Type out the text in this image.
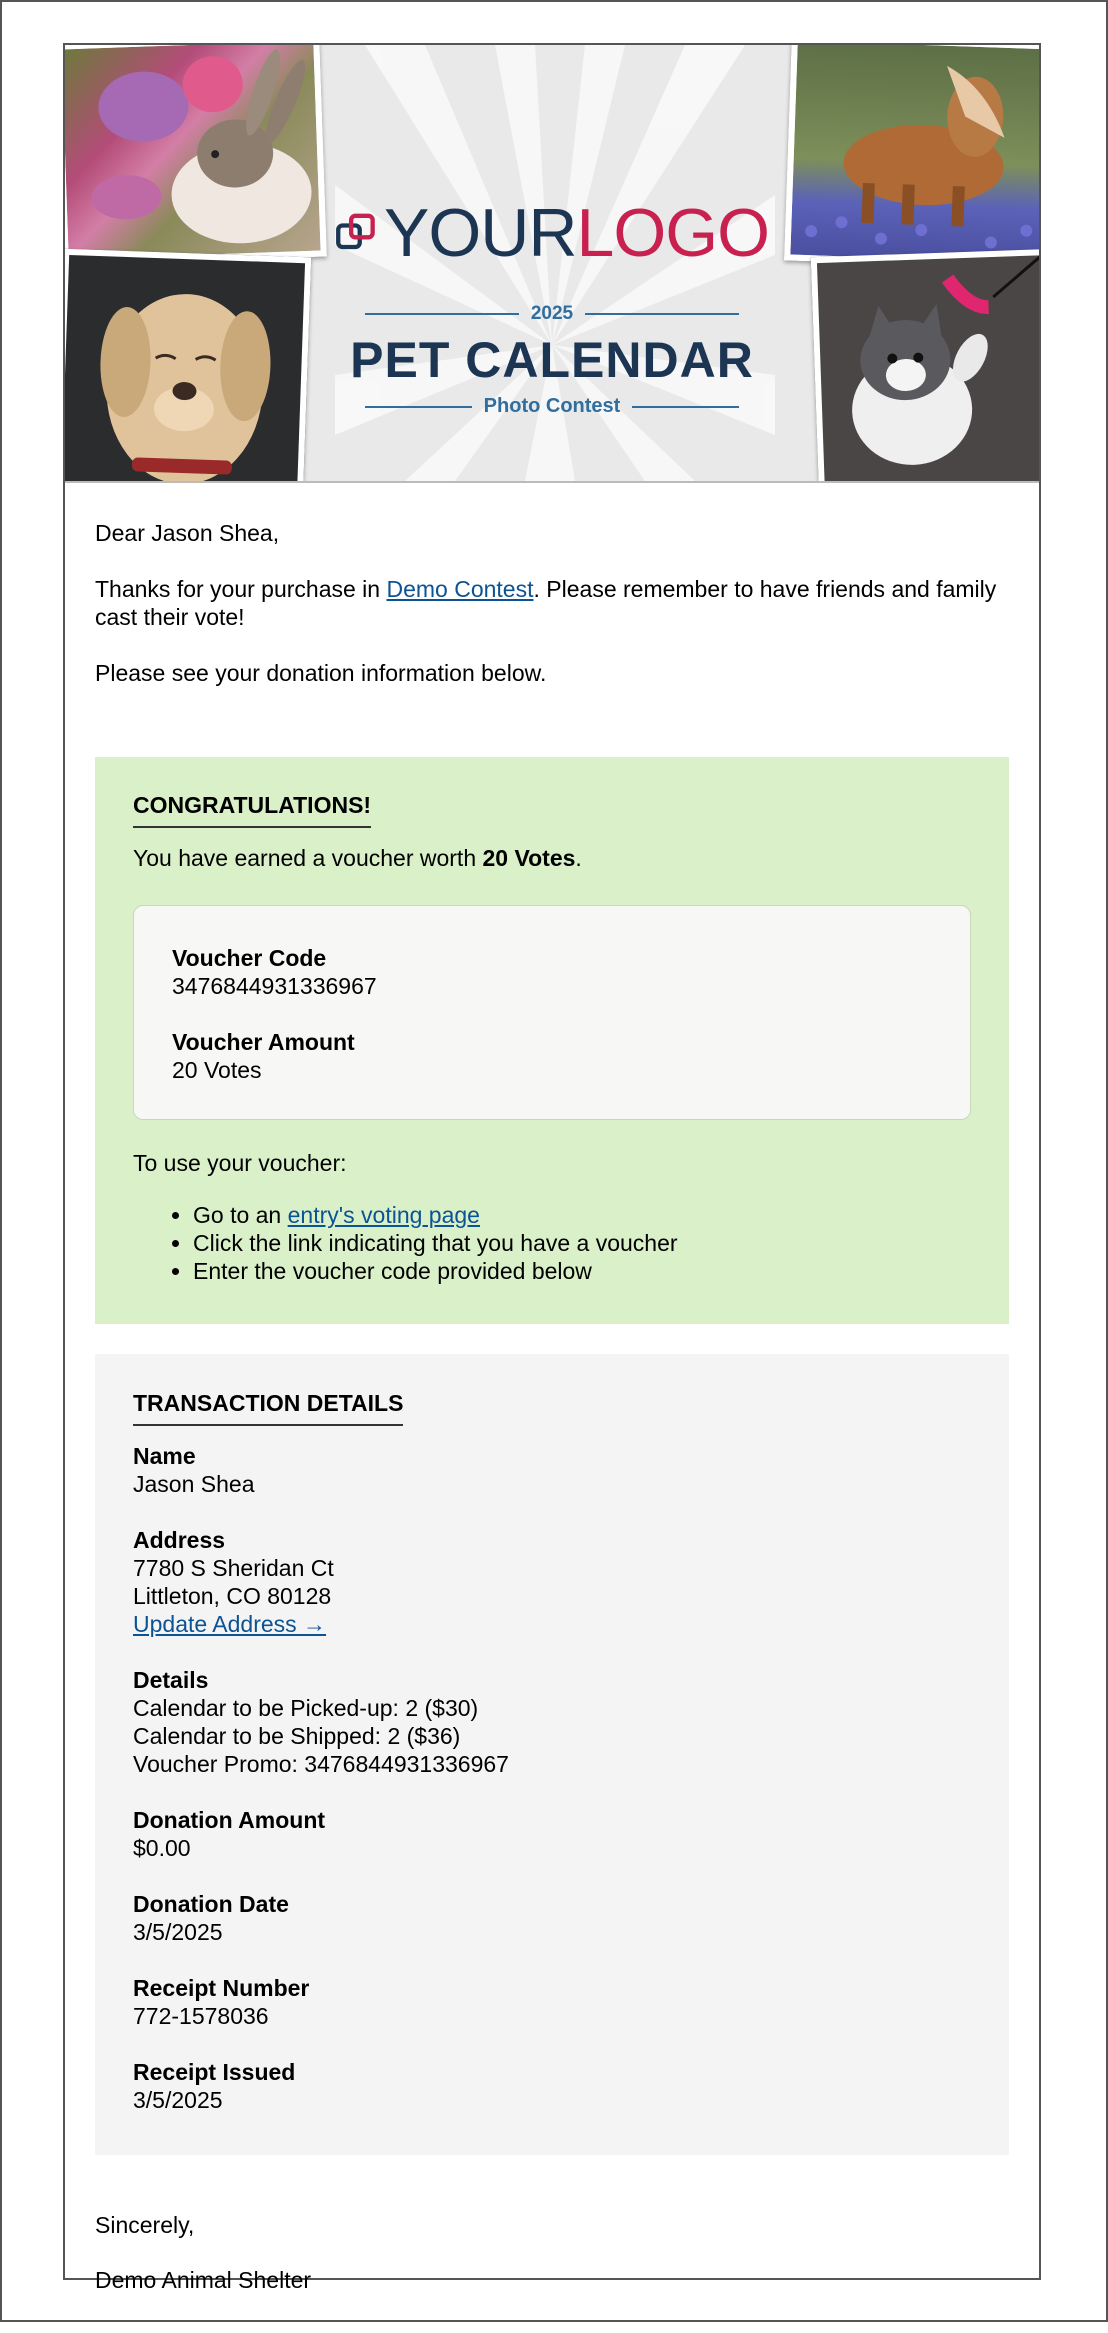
YOURLOGO
2025
PET CALENDAR
Photo Contest

Dear Jason Shea,

Thanks for your purchase in Demo Contest. Please remember to have friends and family cast their vote!

Please see your donation information below.

CONGRATULATIONS!

You have earned a voucher worth 20 Votes.

Voucher Code
3476844931336967
Voucher Amount
20 Votes

To use your voucher:

• Go to an entry's voting page
• Click the link indicating that you have a voucher
• Enter the voucher code provided below
TRANSACTION DETAILS
Name
Jason Shea
Address
7780 S Sheridan Ct
Littleton, CO 80128
Update Address →
Details
Calendar to be Picked-up: 2 ($30)
Calendar to be Shipped: 2 ($36)
Voucher Promo: 3476844931336967
Donation Amount
$0.00
Donation Date
3/5/2025
Receipt Number
772-1578036
Receipt Issued
3/5/2025

Sincerely,

Demo Animal Shelter
